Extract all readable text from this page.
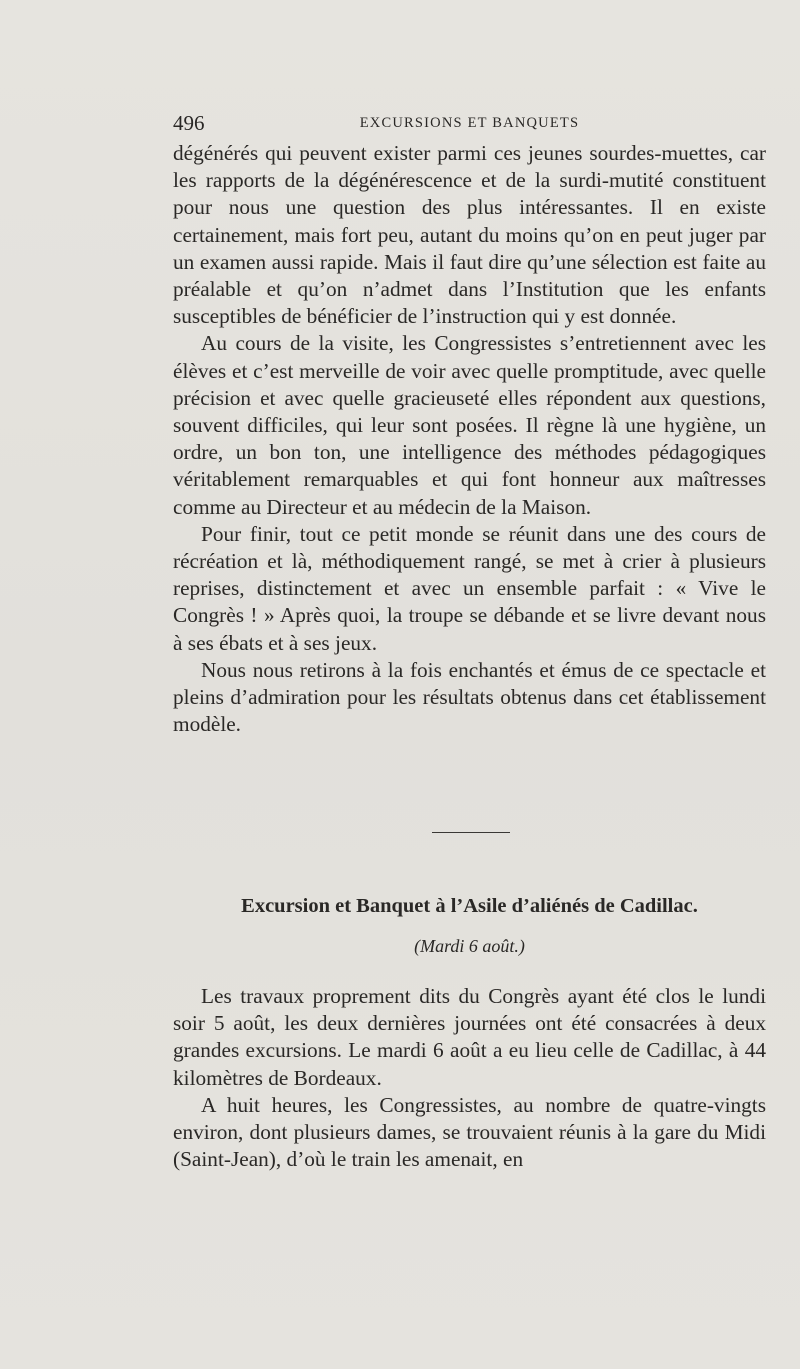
496	EXCURSIONS ET BANQUETS

dégénérés qui peuvent exister parmi ces jeunes sourdes-muettes, car les rapports de la dégénérescence et de la surdi-mutité constituent pour nous une question des plus intéressantes. Il en existe certainement, mais fort peu, autant du moins qu’on en peut juger par un examen aussi rapide. Mais il faut dire qu’une sélection est faite au préalable et qu’on n’admet dans l’Institution que les enfants susceptibles de bénéficier de l’instruction qui y est donnée.

Au cours de la visite, les Congressistes s’entretiennent avec les élèves et c’est merveille de voir avec quelle promptitude, avec quelle précision et avec quelle gracieuseté elles répondent aux questions, souvent difficiles, qui leur sont posées. Il règne là une hygiène, un ordre, un bon ton, une intelligence des méthodes pédagogiques véritablement remarquables et qui font honneur aux maîtresses comme au Directeur et au médecin de la Maison.

Pour finir, tout ce petit monde se réunit dans une des cours de récréation et là, méthodiquement rangé, se met à crier à plusieurs reprises, distinctement et avec un ensemble parfait : « Vive le Congrès ! » Après quoi, la troupe se débande et se livre devant nous à ses ébats et à ses jeux.

Nous nous retirons à la fois enchantés et émus de ce spectacle et pleins d’admiration pour les résultats obtenus dans cet établissement modèle.

Excursion et Banquet à l’Asile d’aliénés de Cadillac.
(Mardi 6 août.)

Les travaux proprement dits du Congrès ayant été clos le lundi soir 5 août, les deux dernières journées ont été consacrées à deux grandes excursions. Le mardi 6 août a eu lieu celle de Cadillac, à 44 kilomètres de Bordeaux.

A huit heures, les Congressistes, au nombre de quatre-vingts environ, dont plusieurs dames, se trouvaient réunis à la gare du Midi (Saint-Jean), d’où le train les amenait, en
